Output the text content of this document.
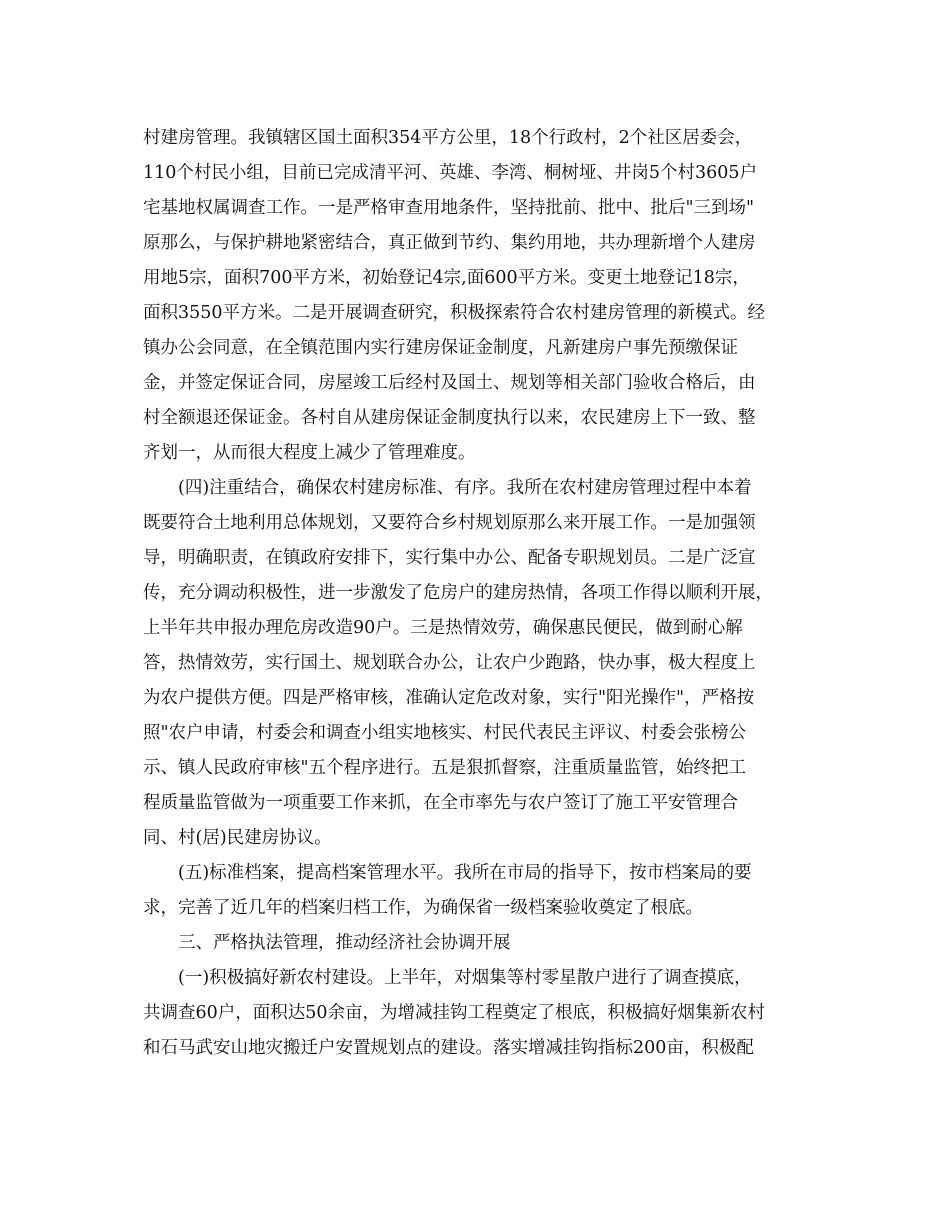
村建房管理。我镇辖区国土面积354平方公里，18个行政村，2个社区居委会，
110个村民小组，目前已完成清平河、英雄、李湾、桐树垭、井岗5个村3605户
宅基地权属调查工作。一是严格审查用地条件，坚持批前、批中、批后"三到场"
原那么，与保护耕地紧密结合，真正做到节约、集约用地，共办理新增个人建房
用地5宗，面积700平方米，初始登记4宗,面600平方米。变更土地登记18宗，
面积3550平方米。二是开展调查研究，积极探索符合农村建房管理的新模式。经
镇办公会同意，在全镇范围内实行建房保证金制度，凡新建房户事先预缴保证
金，并签定保证合同，房屋竣工后经村及国土、规划等相关部门验收合格后，由
村全额退还保证金。各村自从建房保证金制度执行以来，农民建房上下一致、整
齐划一，从而很大程度上减少了管理难度。
(四)注重结合，确保农村建房标准、有序。我所在农村建房管理过程中本着
既要符合土地利用总体规划，又要符合乡村规划原那么来开展工作。一是加强领
导，明确职责，在镇政府安排下，实行集中办公、配备专职规划员。二是广泛宣
传，充分调动积极性，进一步激发了危房户的建房热情，各项工作得以顺利开展，
上半年共申报办理危房改造90户。三是热情效劳，确保惠民便民，做到耐心解
答，热情效劳，实行国土、规划联合办公，让农户少跑路，快办事，极大程度上
为农户提供方便。四是严格审核，准确认定危改对象，实行"阳光操作"，严格按
照"农户申请，村委会和调查小组实地核实、村民代表民主评议、村委会张榜公
示、镇人民政府审核"五个程序进行。五是狠抓督察，注重质量监管，始终把工
程质量监管做为一项重要工作来抓，在全市率先与农户签订了施工平安管理合
同、村(居)民建房协议。
(五)标准档案，提高档案管理水平。我所在市局的指导下，按市档案局的要
求，完善了近几年的档案归档工作，为确保省一级档案验收奠定了根底。
三、严格执法管理，推动经济社会协调开展
(一)积极搞好新农村建设。上半年，对烟集等村零星散户进行了调查摸底，
共调查60户，面积达50余亩，为增减挂钩工程奠定了根底，积极搞好烟集新农村
和石马武安山地灾搬迁户安置规划点的建设。落实增减挂钩指标200亩，积极配
